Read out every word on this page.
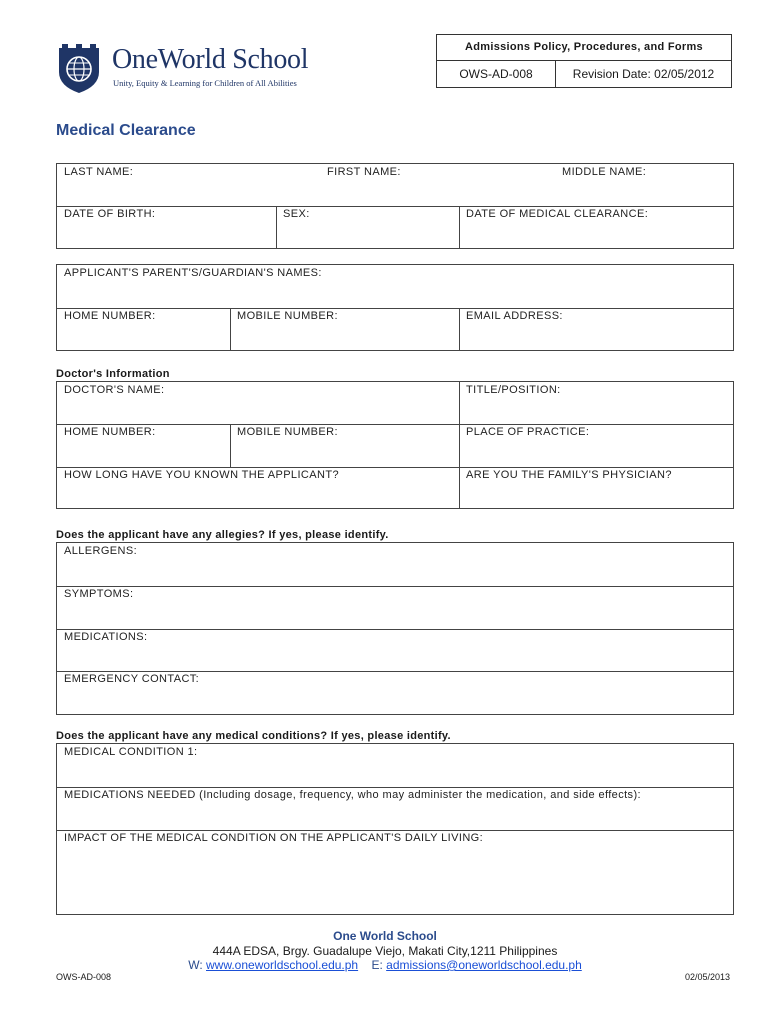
OneWorld School
Unity, Equity & Learning for Children of All Abilities
Admissions Policy, Procedures, and Forms
OWS-AD-008	Revision Date: 02/05/2012
Medical Clearance
LAST NAME:	FIRST NAME:	MIDDLE NAME:
DATE OF BIRTH:	SEX:	DATE OF MEDICAL CLEARANCE:
APPLICANT'S PARENT'S/GUARDIAN'S NAMES:
HOME NUMBER:	MOBILE NUMBER:	EMAIL ADDRESS:
Doctor's Information
DOCTOR'S NAME:	TITLE/POSITION:
HOME NUMBER:	MOBILE NUMBER:	PLACE OF PRACTICE:
HOW LONG HAVE YOU KNOWN THE APPLICANT?	ARE YOU THE FAMILY'S PHYSICIAN?
Does the applicant have any allegies? If yes, please identify.
ALLERGENS:
SYMPTOMS:
MEDICATIONS:
EMERGENCY CONTACT:
Does the applicant have any medical conditions? If yes, please identify.
MEDICAL CONDITION 1:
MEDICATIONS NEEDED (Including dosage, frequency, who may administer the medication, and side effects):
IMPACT OF THE MEDICAL CONDITION ON THE APPLICANT'S DAILY LIVING:
One World School
444A EDSA, Brgy. Guadalupe Viejo, Makati City,1211 Philippines
W: www.oneworldschool.edu.ph E: admissions@oneworldschool.edu.ph
OWS-AD-008	02/05/2013
